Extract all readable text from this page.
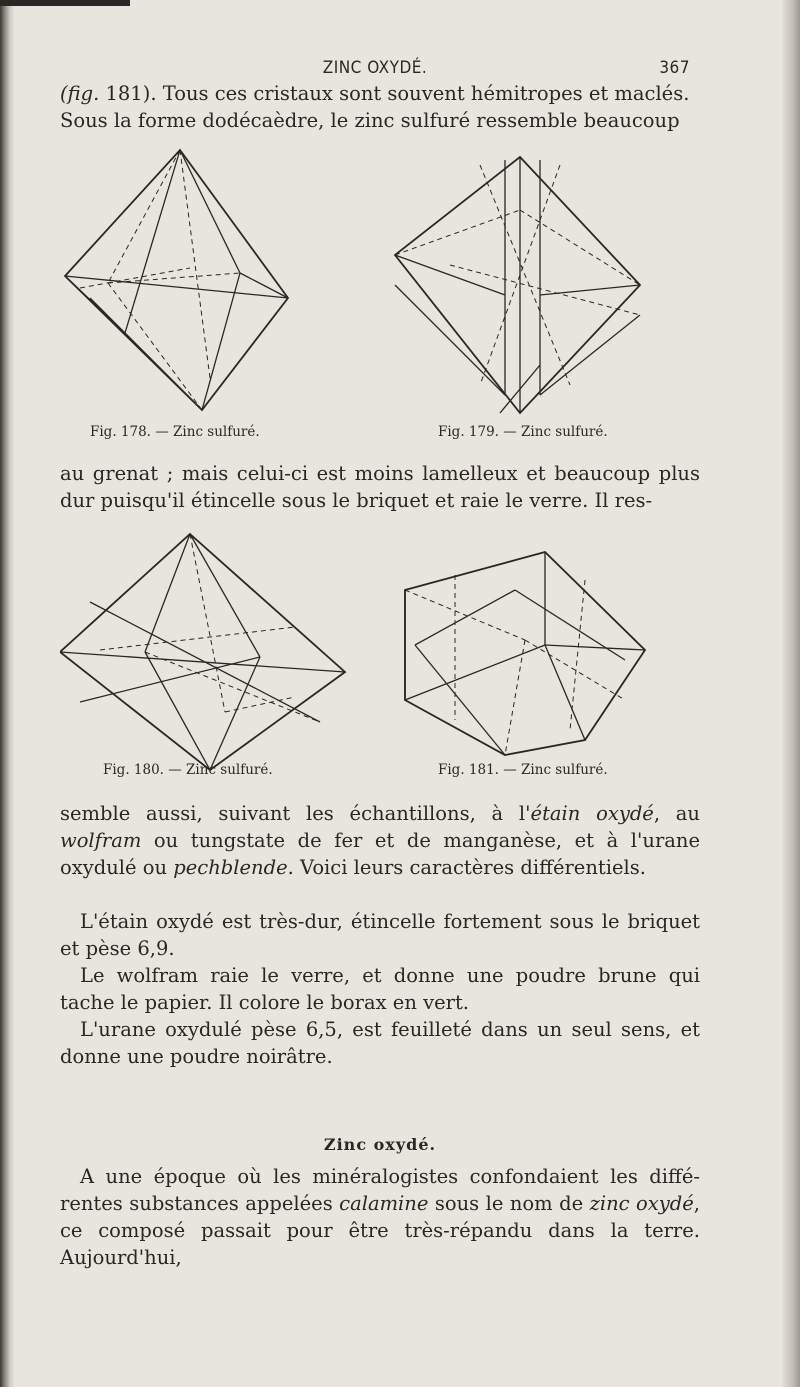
ZINC OXYDÉ.	367

(fig. 181). Tous ces cristaux sont souvent hémitropes et maclés.

Sous la forme dodécaèdre, le zinc sulfuré ressemble beaucoup

Fig. 178. — Zinc sulfuré.	Fig. 179. — Zinc sulfuré.

au grenat ; mais celui-ci est moins lamelleux et beaucoup plus dur puisqu'il étincelle sous le briquet et raie le verre. Il res-

Fig. 180. — Zinc sulfuré.	Fig. 181. — Zinc sulfuré.

semble aussi, suivant les échantillons, à l'étain oxydé, au wolfram ou tungstate de fer et de manganèse, et à l'urane oxydulé ou pechblende. Voici leurs caractères différentiels.

L'étain oxydé est très-dur, étincelle fortement sous le briquet et pèse 6,9.

Le wolfram raie le verre, et donne une poudre brune qui tache le papier. Il colore le borax en vert.

L'urane oxydulé pèse 6,5, est feuilleté dans un seul sens, et donne une poudre noirâtre.

Zinc oxydé.

A une époque où les minéralogistes confondaient les diffé-rentes substances appelées calamine sous le nom de zinc oxydé, ce composé passait pour être très-répandu dans la terre. Aujourd'hui,
